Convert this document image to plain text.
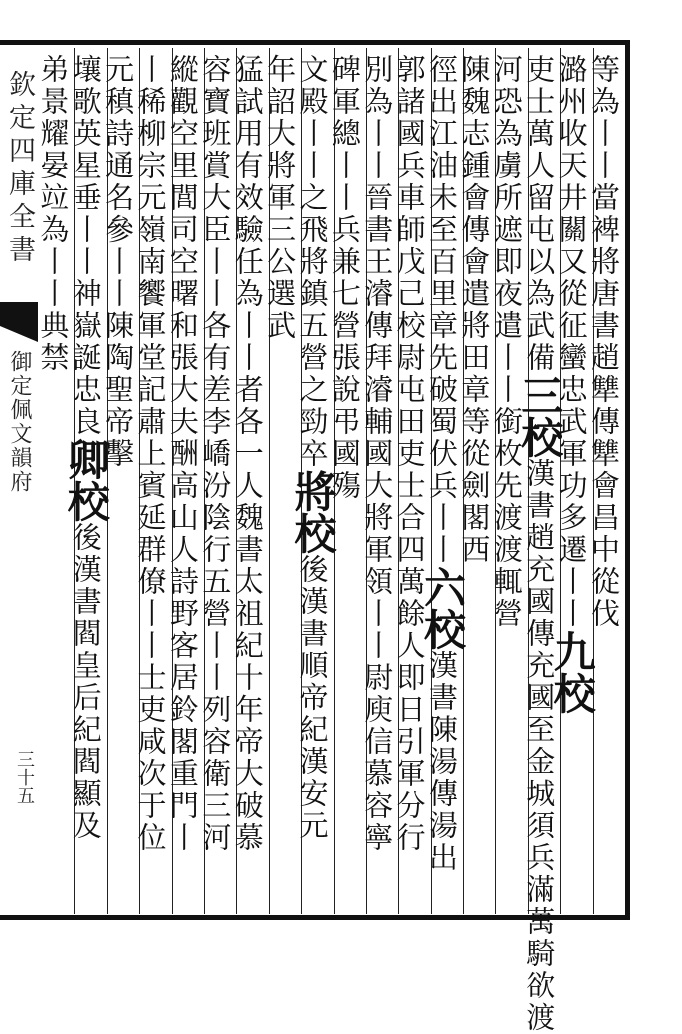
欽定四庫全書
御定佩文韻府
三十五
等為丨丨當裨將唐書趙犨傳犨會昌中從伐
潞州收天井關又從征蠻忠武軍功多遷丨丨九校
吏士萬人留屯以為武備三校漢書趙充國傳充國至金城須兵滿萬騎欲渡
河恐為虜所遮即夜遣丨丨銜枚先渡渡輒營
陳魏志鍾會傳會遣將田章等從劍閣西
徑出江油未至百里章先破蜀伏兵丨丨六校漢書陳湯傳湯出
郭諸國兵車師戊己校尉屯田吏士合四萬餘人即日引軍分行
別為丨丨晉書王濬傳拜濬輔國大將軍領丨丨尉庾信慕容寧
碑軍總丨丨兵兼七營張說弔國殤
文殿丨丨之飛將鎮五營之勁卒將校後漢書順帝紀漢安元
年詔大將軍三公選武
猛試用有效驗任為丨丨者各一人魏書太祖紀十年帝大破慕
容寶班賞大臣丨丨各有差李嶠汾陰行五營丨丨列容衛三河
縱觀空里閭司空曙和張大夫酬高山人詩野客居鈴閣重門丨
丨稀柳宗元嶺南饗軍堂記肅上賓延群僚丨丨士吏咸次于位
元稹詩通名參丨丨陳陶聖帝擊
壤歌英星垂丨丨神嶽誕忠良卿校後漢書閻皇后紀閻顯及
弟景耀晏竝為丨丨典禁
